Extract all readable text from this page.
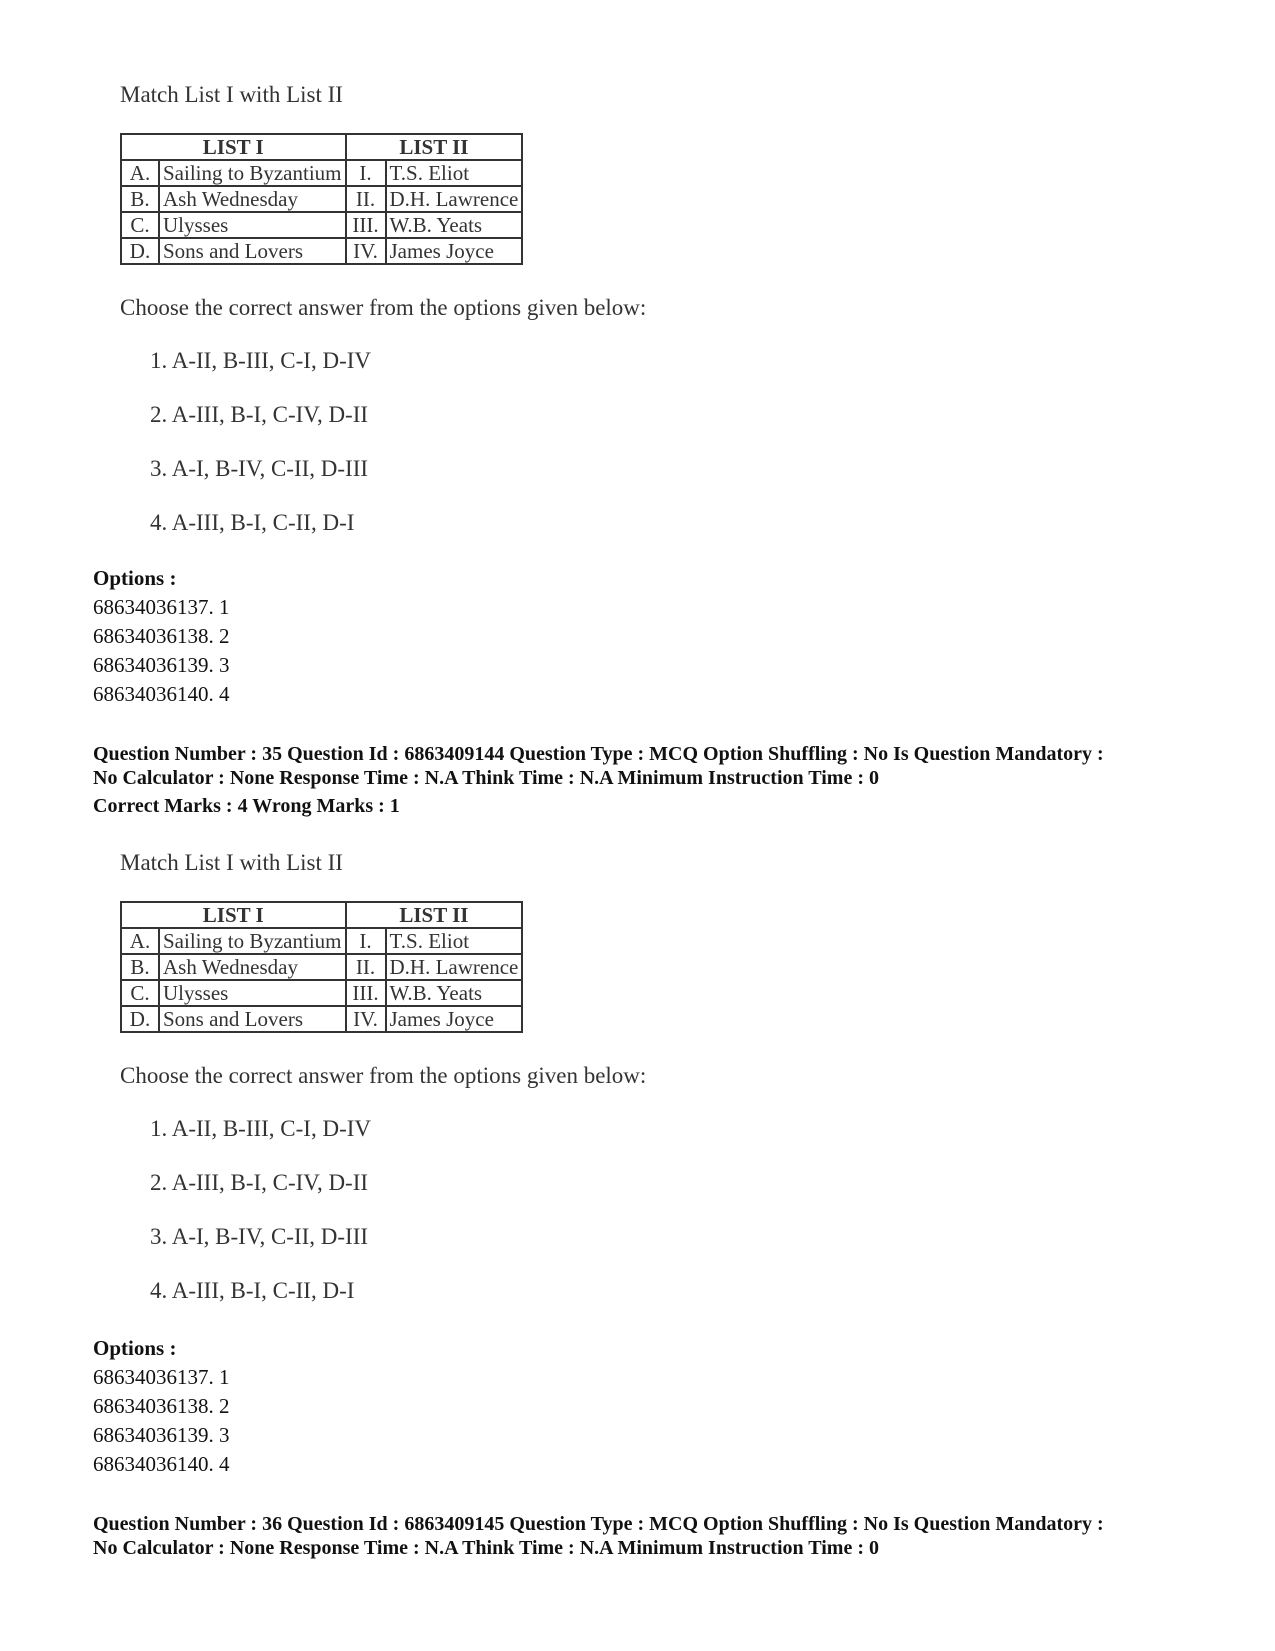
Match List I with List II

LIST I		LIST II	
A.	Sailing to Byzantium	I.	T.S. Eliot
B.	Ash Wednesday	II.	D.H. Lawrence
C.	Ulysses	III.	W.B. Yeats
D.	Sons and Lovers	IV.	James Joyce
Choose the correct answer from the options given below:
1. A-II, B-III, C-I, D-IV
2. A-III, B-I, C-IV, D-II
3. A-I, B-IV, C-II, D-III
4. A-III, B-I, C-II, D-I
Options :
68634036137. 1
68634036138. 2
68634036139. 3
68634036140. 4
Question Number : 35 Question Id : 6863409144 Question Type : MCQ Option Shuffling : No Is Question Mandatory :
No Calculator : None Response Time : N.A Think Time : N.A Minimum Instruction Time : 0
Correct Marks : 4 Wrong Marks : 1

Match List I with List II

LIST I		LIST II	
A.	Sailing to Byzantium	I.	T.S. Eliot
B.	Ash Wednesday	II.	D.H. Lawrence
C.	Ulysses	III.	W.B. Yeats
D.	Sons and Lovers	IV.	James Joyce
Choose the correct answer from the options given below:
1. A-II, B-III, C-I, D-IV
2. A-III, B-I, C-IV, D-II
3. A-I, B-IV, C-II, D-III
4. A-III, B-I, C-II, D-I
Options :
68634036137. 1
68634036138. 2
68634036139. 3
68634036140. 4
Question Number : 36 Question Id : 6863409145 Question Type : MCQ Option Shuffling : No Is Question Mandatory :
No Calculator : None Response Time : N.A Think Time : N.A Minimum Instruction Time : 0
